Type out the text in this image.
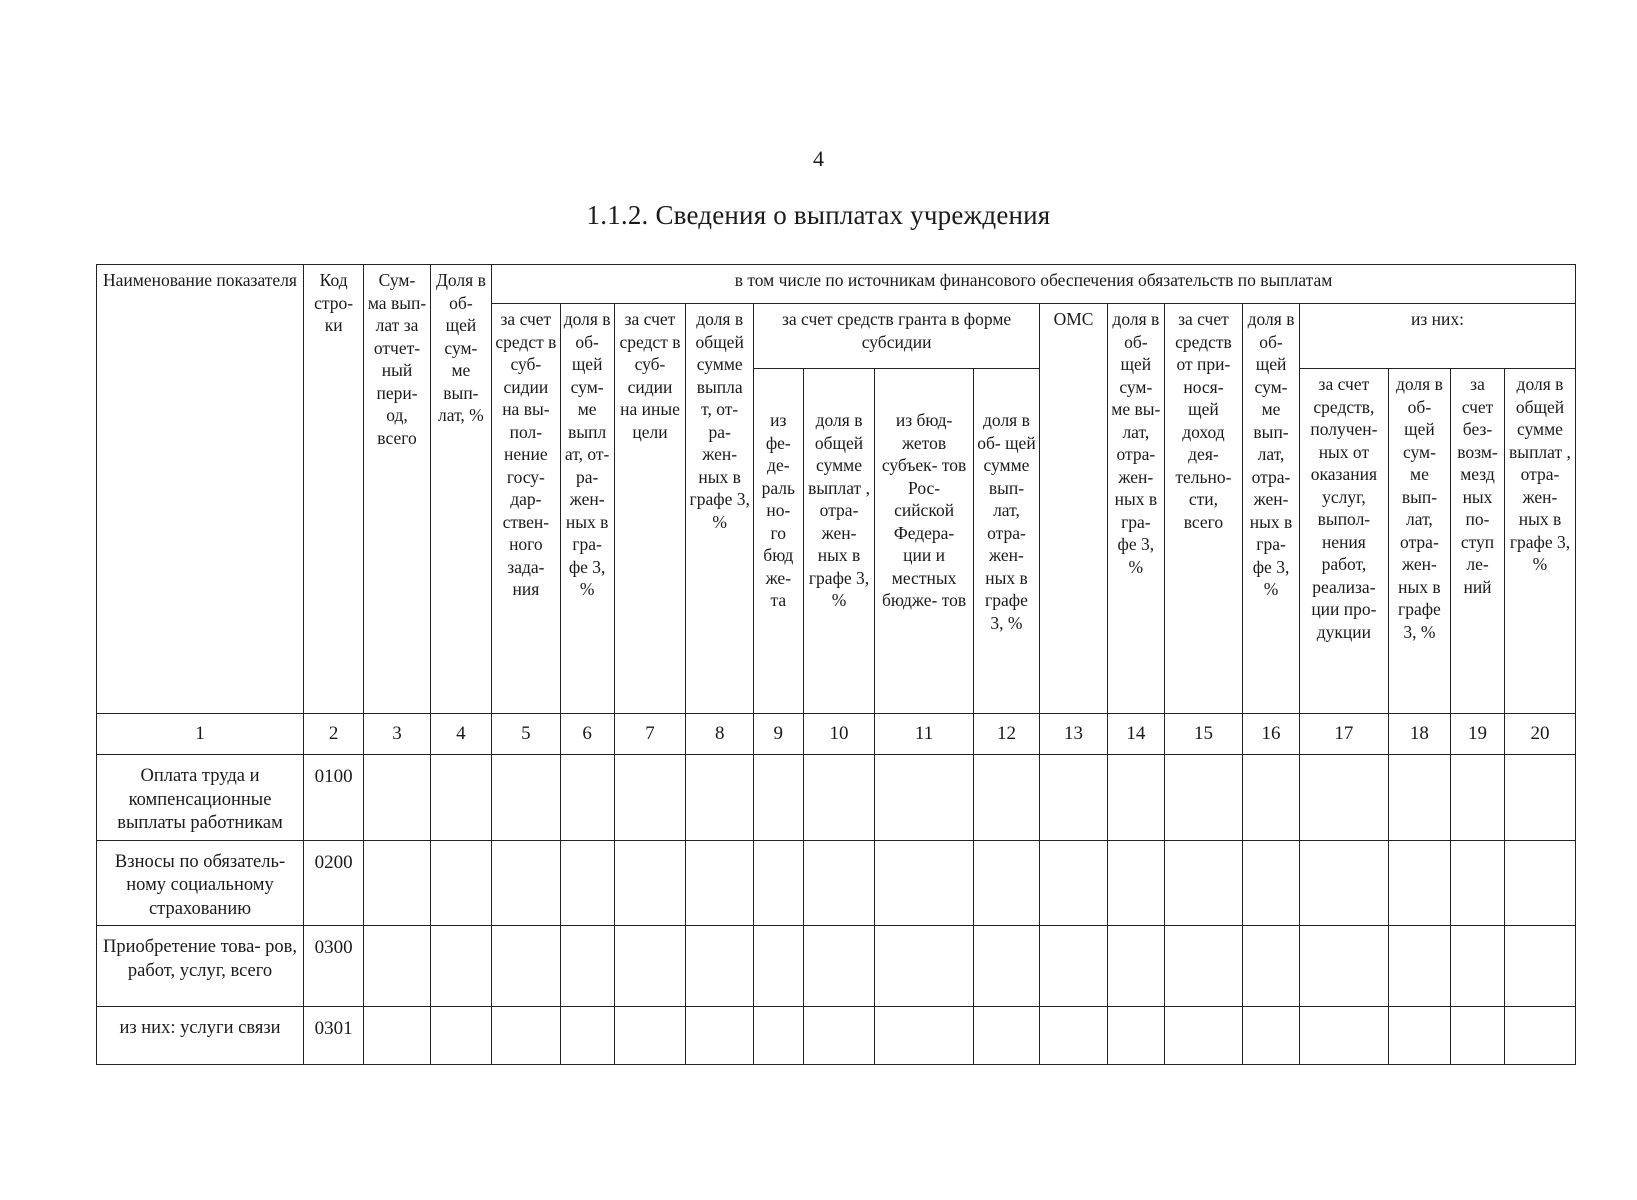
4
1.1.2. Сведения о выплатах учреждения
Наименование показателя	Код стро- ки	Сум- ма вып- лат за отчет- ный пери- од, всего	Доля в об- щей сум- ме вып- лат, %	в том числе по источникам финансового обеспечения обязательств по выплатам															
				за счет средст в суб- сидии на вы- пол- нение госу- дар- ствен- ного зада- ния	доля в об- щей сум- ме выпл ат, от- ра- жен- ных в гра- фе 3, %	за счет средст в суб- сидии на иные цели	доля в общей сумме выпла т, от- ра- жен- ных в графе 3, %	за счет средств гранта в форме субсидии				ОМС	доля в об- щей сум- ме вы- лат, отра- жен- ных в гра- фе 3, %	за счет средств от при- нося- щей доход дея- тельно- сти, всего	доля в об- щей сум- ме вып- лат, отра- жен- ных в гра- фе 3, %	из них:			
								из фе- де- раль но- го бюд же- та	доля в общей сумме выплат , отра- жен- ных в графе 3, %	из бюд- жетов субъек- тов Рос- сийской Федера- ции и местных бюдже- тов	доля в об- щей сумме вып- лат, отра- жен- ных в графе 3, %					за счет средств, получен- ных от оказания услуг, выпол- нения работ, реализа- ции про- дукции	доля в об- щей сум- ме вып- лат, отра- жен- ных в графе 3, %	за счет без- возм- мезд ных по- ступ ле- ний	доля в общей сумме выплат , отра- жен- ных в графе 3, %
1	2	3	4	5	6	7	8	9	10	11	12	13	14	15	16	17	18	19	20
Оплата труда и компенсационные выплаты работникам	0100																		
Взносы по обязатель- ному социальному страхованию	0200																		
Приобретение това- ров, работ, услуг, всего	0300																		
из них: услуги связи	0301																		
